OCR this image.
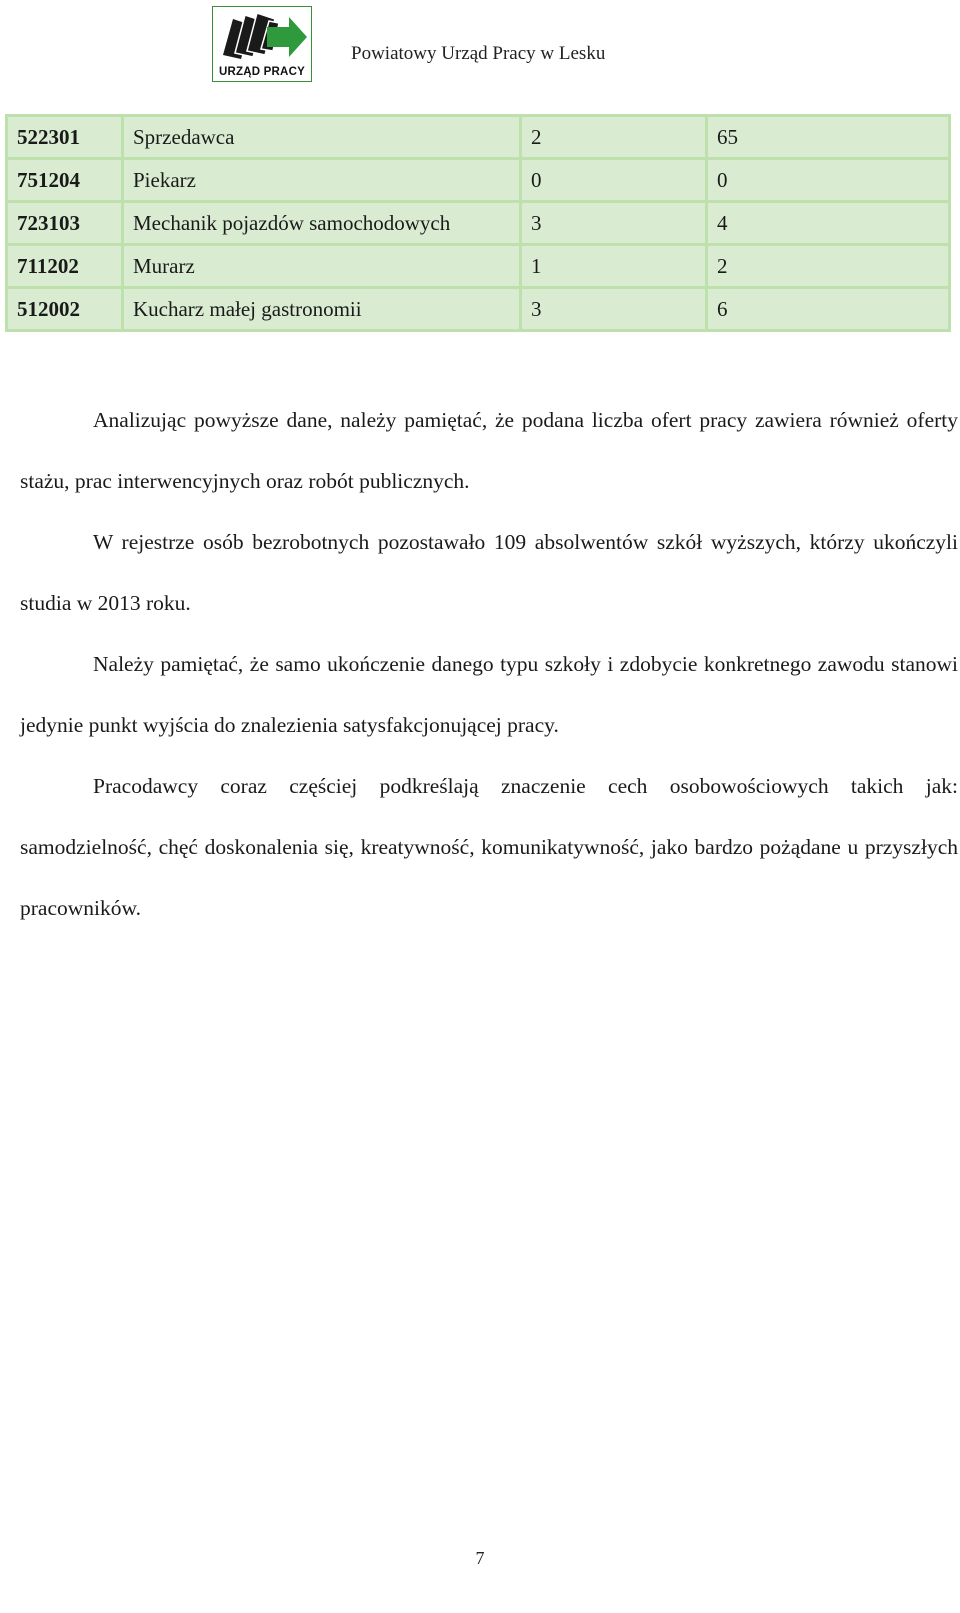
URZĄD PRACY
Powiatowy Urząd Pracy w Lesku
522301	Sprzedawca	2	65
751204	Piekarz	0	0
723103	Mechanik pojazdów samochodowych	3	4
711202	Murarz	1	2
512002	Kucharz małej gastronomii	3	6

Analizując powyższe dane, należy pamiętać, że podana liczba ofert pracy zawiera również oferty stażu, prac interwencyjnych oraz robót publicznych.

W rejestrze osób bezrobotnych pozostawało 109 absolwentów szkół wyższych, którzy ukończyli studia w 2013 roku.

Należy pamiętać, że samo ukończenie danego typu szkoły i zdobycie konkretnego zawodu stanowi jedynie punkt wyjścia do znalezienia satysfakcjonującej pracy.

Pracodawcy coraz częściej podkreślają znaczenie cech osobowościowych takich jak: samodzielność, chęć doskonalenia się, kreatywność, komunikatywność, jako bardzo pożądane u przyszłych pracowników.

7
